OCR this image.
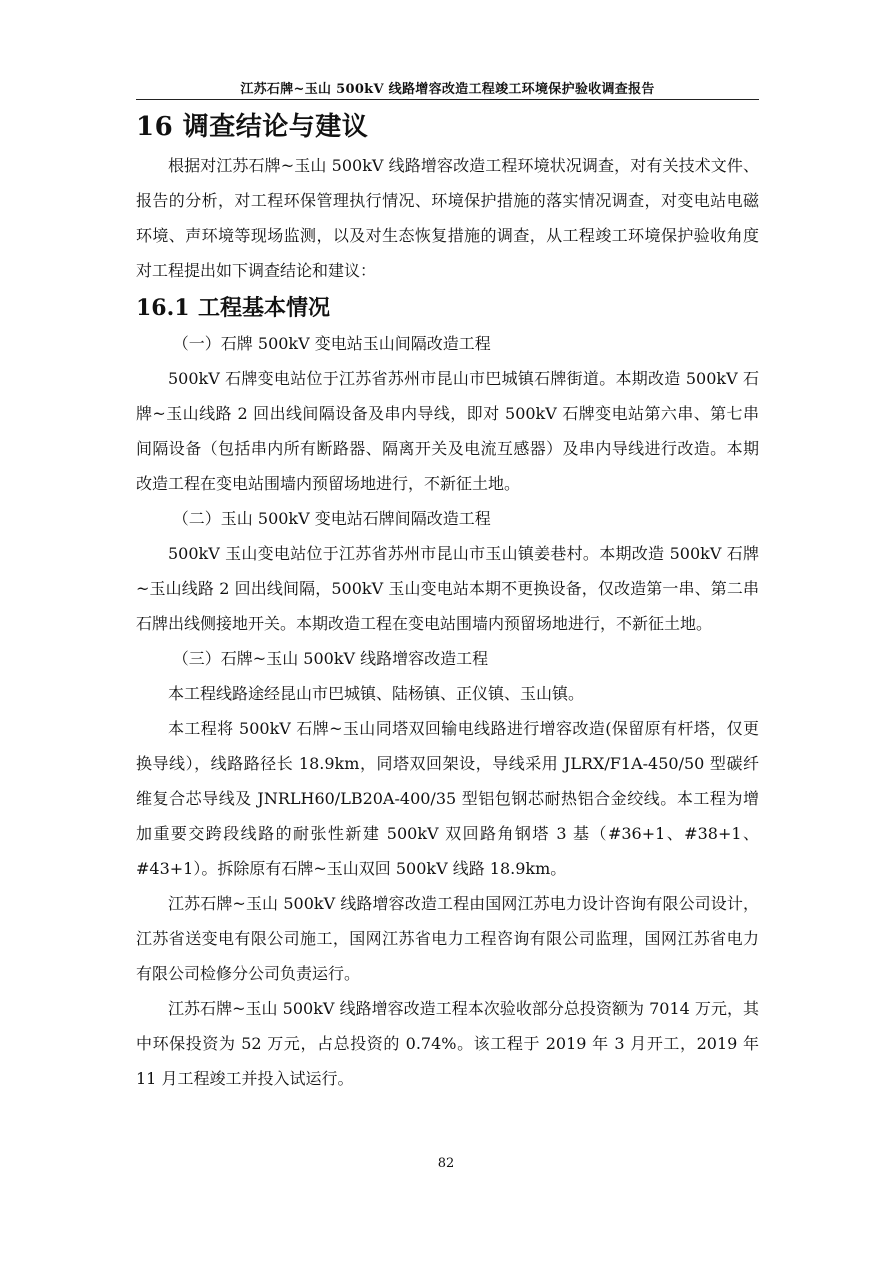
江苏石牌~玉山 500kV 线路增容改造工程竣工环境保护验收调查报告
16 调查结论与建议

根据对江苏石牌~玉山 500kV 线路增容改造工程环境状况调查，对有关技术文件、报告的分析，对工程环保管理执行情况、环境保护措施的落实情况调查，对变电站电磁环境、声环境等现场监测，以及对生态恢复措施的调查，从工程竣工环境保护验收角度对工程提出如下调查结论和建议：

16.1 工程基本情况

（一）石牌 500kV 变电站玉山间隔改造工程

500kV 石牌变电站位于江苏省苏州市昆山市巴城镇石牌街道。本期改造 500kV 石牌~玉山线路 2 回出线间隔设备及串内导线，即对 500kV 石牌变电站第六串、第七串间隔设备（包括串内所有断路器、隔离开关及电流互感器）及串内导线进行改造。本期改造工程在变电站围墙内预留场地进行，不新征土地。

（二）玉山 500kV 变电站石牌间隔改造工程

500kV 玉山变电站位于江苏省苏州市昆山市玉山镇姜巷村。本期改造 500kV 石牌~玉山线路 2 回出线间隔，500kV 玉山变电站本期不更换设备，仅改造第一串、第二串石牌出线侧接地开关。本期改造工程在变电站围墙内预留场地进行，不新征土地。

（三）石牌~玉山 500kV 线路增容改造工程

本工程线路途经昆山市巴城镇、陆杨镇、正仪镇、玉山镇。

本工程将 500kV 石牌~玉山同塔双回输电线路进行增容改造(保留原有杆塔，仅更换导线），线路路径长 18.9km，同塔双回架设，导线采用 JLRX/F1A-450/50 型碳纤维复合芯导线及 JNRLH60/LB20A-400/35 型铝包钢芯耐热铝合金绞线。本工程为增加重要交跨段线路的耐张性新建 500kV 双回路角钢塔 3 基（#36+1、#38+1、#43+1）。拆除原有石牌~玉山双回 500kV 线路 18.9km。

江苏石牌~玉山 500kV 线路增容改造工程由国网江苏电力设计咨询有限公司设计，江苏省送变电有限公司施工，国网江苏省电力工程咨询有限公司监理，国网江苏省电力有限公司检修分公司负责运行。

江苏石牌~玉山 500kV 线路增容改造工程本次验收部分总投资额为 7014 万元，其中环保投资为 52 万元，占总投资的 0.74%。该工程于 2019 年 3 月开工，2019 年 11 月工程竣工并投入试运行。

82
